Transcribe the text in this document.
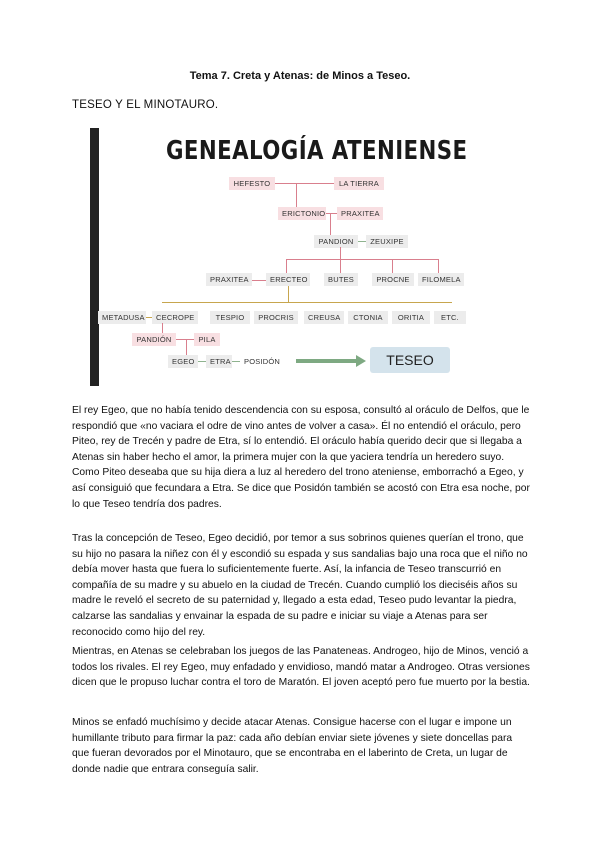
Tema 7. Creta y Atenas: de Minos a Teseo.
TESEO Y EL MINOTAURO.
GENEALOGÍA ATENIENSE
HEFESTO	LA TIERRA
ERICTONIO	PRAXITEA
PANDION	ZEUXIPE
PRAXITEA	ERECTEO	BUTES	PROCNE	FILOMELA
METADUSA	CECROPE	TESPIO	PROCRIS	CREUSA	CTONIA	ORITIA	ETC.
PANDIÓN	PILA
EGEO	ETRA	POSIDÓN	TESEO
El rey Egeo, que no había tenido descendencia con su esposa, consultó al oráculo de Delfos, que le respondió que «no vaciara el odre de vino antes de volver a casa». Él no entendió el oráculo, pero Piteo, rey de Trecén y padre de Etra, sí lo entendió. El oráculo había querido decir que si llegaba a Atenas sin haber hecho el amor, la primera mujer con la que yaciera tendría un heredero suyo. Como Piteo deseaba que su hija diera a luz al heredero del trono ateniense, emborrachó a Egeo, y así consiguió que fecundara a Etra. Se dice que Posidón también se acostó con Etra esa noche, por lo que Teseo tendría dos padres.
Tras la concepción de Teseo, Egeo decidió, por temor a sus sobrinos quienes querían el trono, que su hijo no pasara la niñez con él y escondió su espada y sus sandalias bajo una roca que el niño no debía mover hasta que fuera lo suficientemente fuerte. Así, la infancia de Teseo transcurrió en compañía de su madre y su abuelo en la ciudad de Trecén. Cuando cumplió los dieciséis años su madre le reveló el secreto de su paternidad y, llegado a esta edad, Teseo pudo levantar la piedra, calzarse las sandalias y envainar la espada de su padre e iniciar su viaje a Atenas para ser reconocido como hijo del rey.
Mientras, en Atenas se celebraban los juegos de las Panateneas. Androgeo, hijo de Minos, venció a todos los rivales. El rey Egeo, muy enfadado y envidioso, mandó matar a Androgeo. Otras versiones dicen que le propuso luchar contra el toro de Maratón. El joven aceptó pero fue muerto por la bestia.
Minos se enfadó muchísimo y decide atacar Atenas. Consigue hacerse con el lugar e impone un humillante tributo para firmar la paz: cada año debían enviar siete jóvenes y siete doncellas para que fueran devorados por el Minotauro, que se encontraba en el laberinto de Creta, un lugar de donde nadie que entrara conseguía salir.
